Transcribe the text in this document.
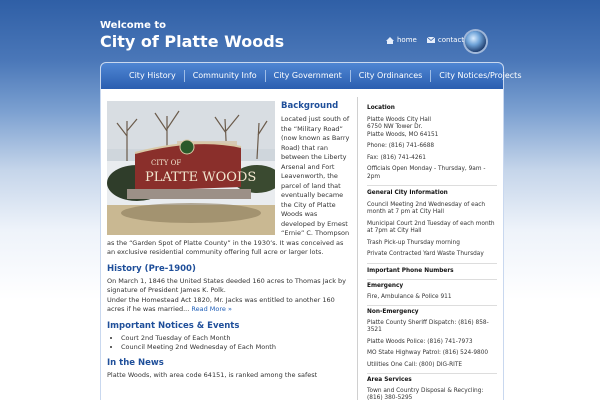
Welcome to
City of Platte Woods	home	contact
City History	Community Info	City Government	City Ordinances	City Notices/Projects
CITY OF
PLATTE WOODS
Background
Located just south of the “Military Road” (now known as Barry Road) that ran between the Liberty Arsenal and Fort Leavenworth, the parcel of land that eventually became the City of Platte Woods was developed by Ernest “Ernie” C. Thompson as the “Garden Spot of Platte County” in the 1930’s. It was conceived as an exclusive residential community offering full acre or larger lots.
History (Pre-1900)

On March 1, 1846 the United States deeded 160 acres to Thomas Jack by signature of President James K. Polk.

Under the Homestead Act 1820, Mr. Jacks was entitled to another 160 acres if he was married... Read More »

Important Notices & Events
• Court 2nd Tuesday of Each Month
• Council Meeting 2nd Wednesday of Each Month
In the News

Platte Woods, with area code 64151, is ranked among the safest

Location
Platte Woods City Hall
6750 NW Tower Dr.
Platte Woods, MO 64151
Phone: (816) 741-6688
Fax: (816) 741-4261
Officials Open Monday - Thursday, 9am - 2pm
General City Information
Council Meeting 2nd Wednesday of each month at 7 pm at City Hall
Municipal Court 2nd Tuesday of each month at 7pm at City Hall
Trash Pick-up Thursday morning
Private Contracted Yard Waste Thursday
Important Phone Numbers
Emergency
Fire, Ambulance & Police 911
Non-Emergency
Platte County Sheriff Dispatch: (816) 858-3521
Platte Woods Police: (816) 741-7973
MO State Highway Patrol: (816) 524-9800
Utilities One Call: (800) DIG-RITE
Area Services
Town and Country Disposal & Recycling: (816) 380-5295
